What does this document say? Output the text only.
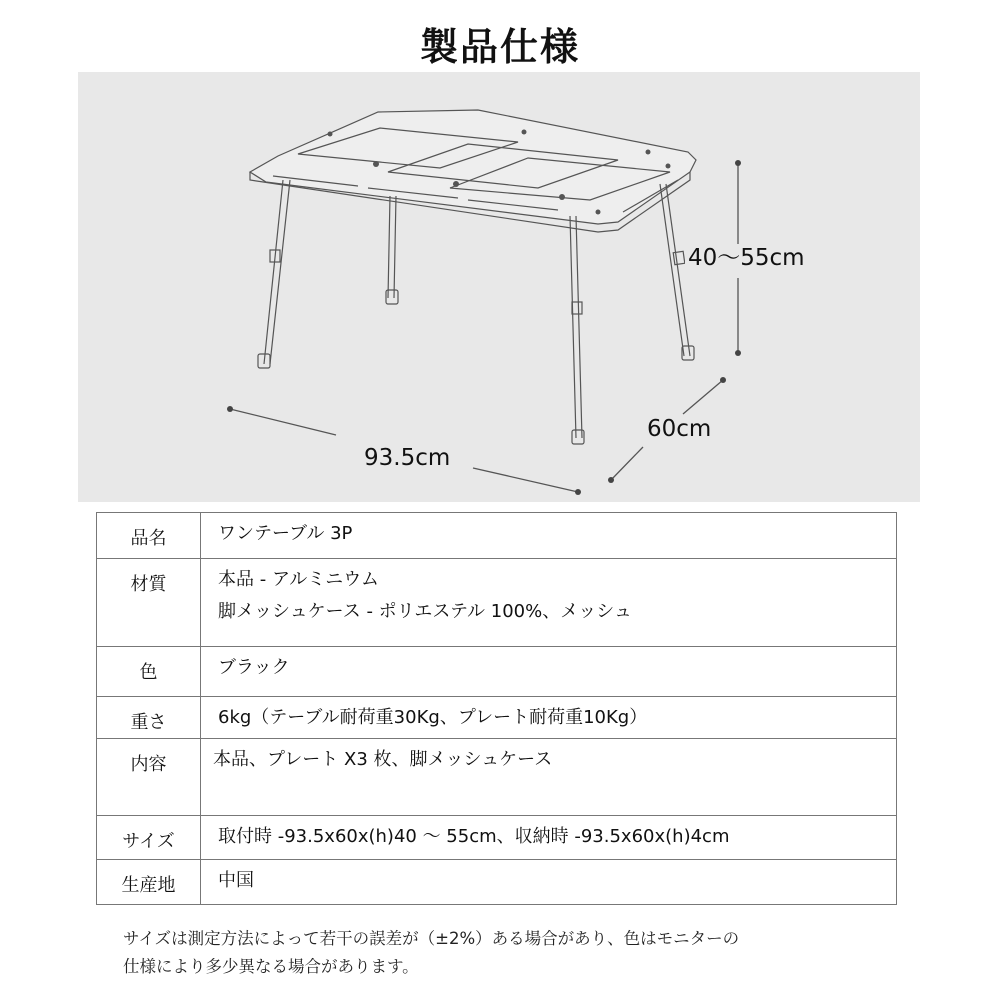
製品仕様
40〜55cm
60cm
93.5cm
品名	ワンテーブル 3P

材質	本品 - アルミニウム
脚メッシュケース - ポリエステル 100%、メッシュ

色	ブラック

重さ	6kg（テーブル耐荷重30Kg、プレート耐荷重10Kg）

内容	本品、プレート X3 枚、脚メッシュケース

サイズ	取付時 -93.5x60x(h)40 〜 55cm、収納時 -93.5x60x(h)4cm

生産地	中国
サイズは測定方法によって若干の誤差が（±2%）ある場合があり、色はモニターの
仕様により多少異なる場合があります。
